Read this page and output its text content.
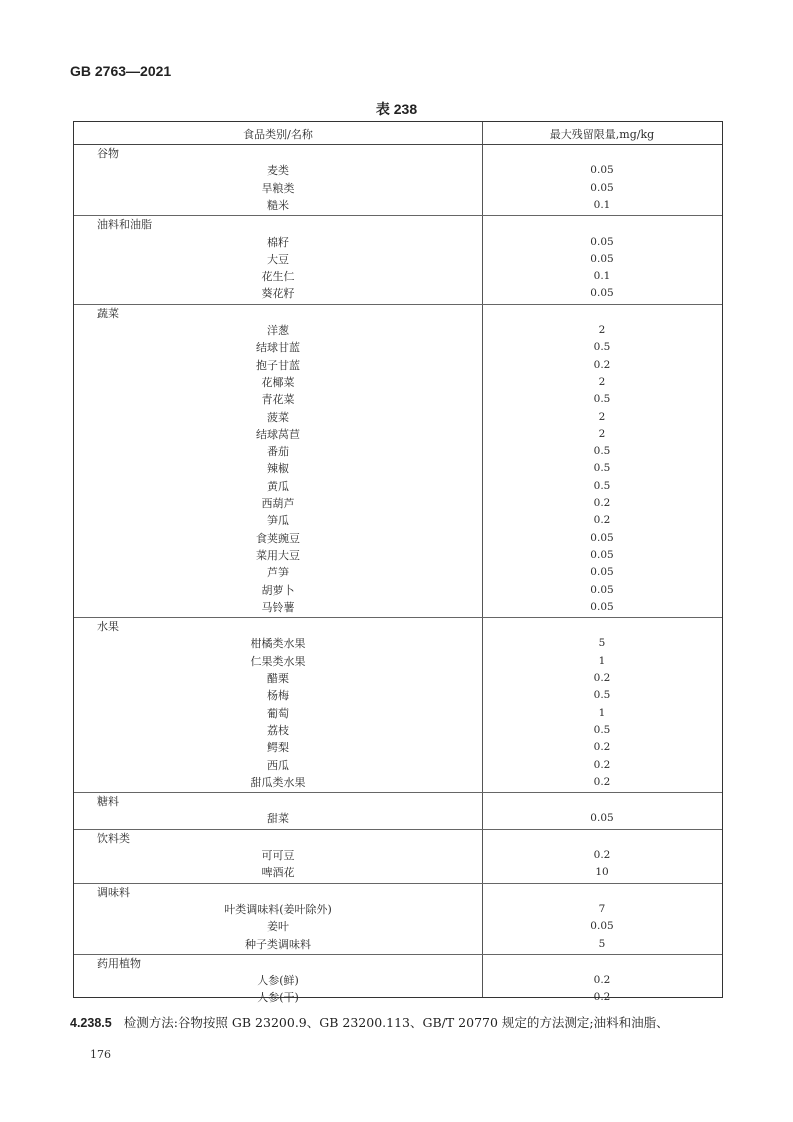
GB 2763—2021
表 238
食品类别/名称	最大残留限量,mg/kg
谷物
麦类	0.05
旱粮类	0.05
糙米	0.1
油料和油脂
棉籽	0.05
大豆	0.05
花生仁	0.1
葵花籽	0.05
蔬菜
洋葱	2
结球甘蓝	0.5
抱子甘蓝	0.2
花椰菜	2
青花菜	0.5
菠菜	2
结球莴苣	2
番茄	0.5
辣椒	0.5
黄瓜	0.5
西葫芦	0.2
笋瓜	0.2
食荚豌豆	0.05
菜用大豆	0.05
芦笋	0.05
胡萝卜	0.05
马铃薯	0.05
水果
柑橘类水果	5
仁果类水果	1
醋栗	0.2
杨梅	0.5
葡萄	1
荔枝	0.5
鳄梨	0.2
西瓜	0.2
甜瓜类水果	0.2
糖料
甜菜	0.05
饮料类
可可豆	0.2
啤酒花	10
调味料
叶类调味料(姜叶除外)	7
姜叶	0.05
种子类调味料	5
药用植物
人参(鲜)	0.2
人参(干)	0.2
4.238.5 检测方法:谷物按照 GB 23200.9、GB 23200.113、GB/T 20770 规定的方法测定;油料和油脂、
176
